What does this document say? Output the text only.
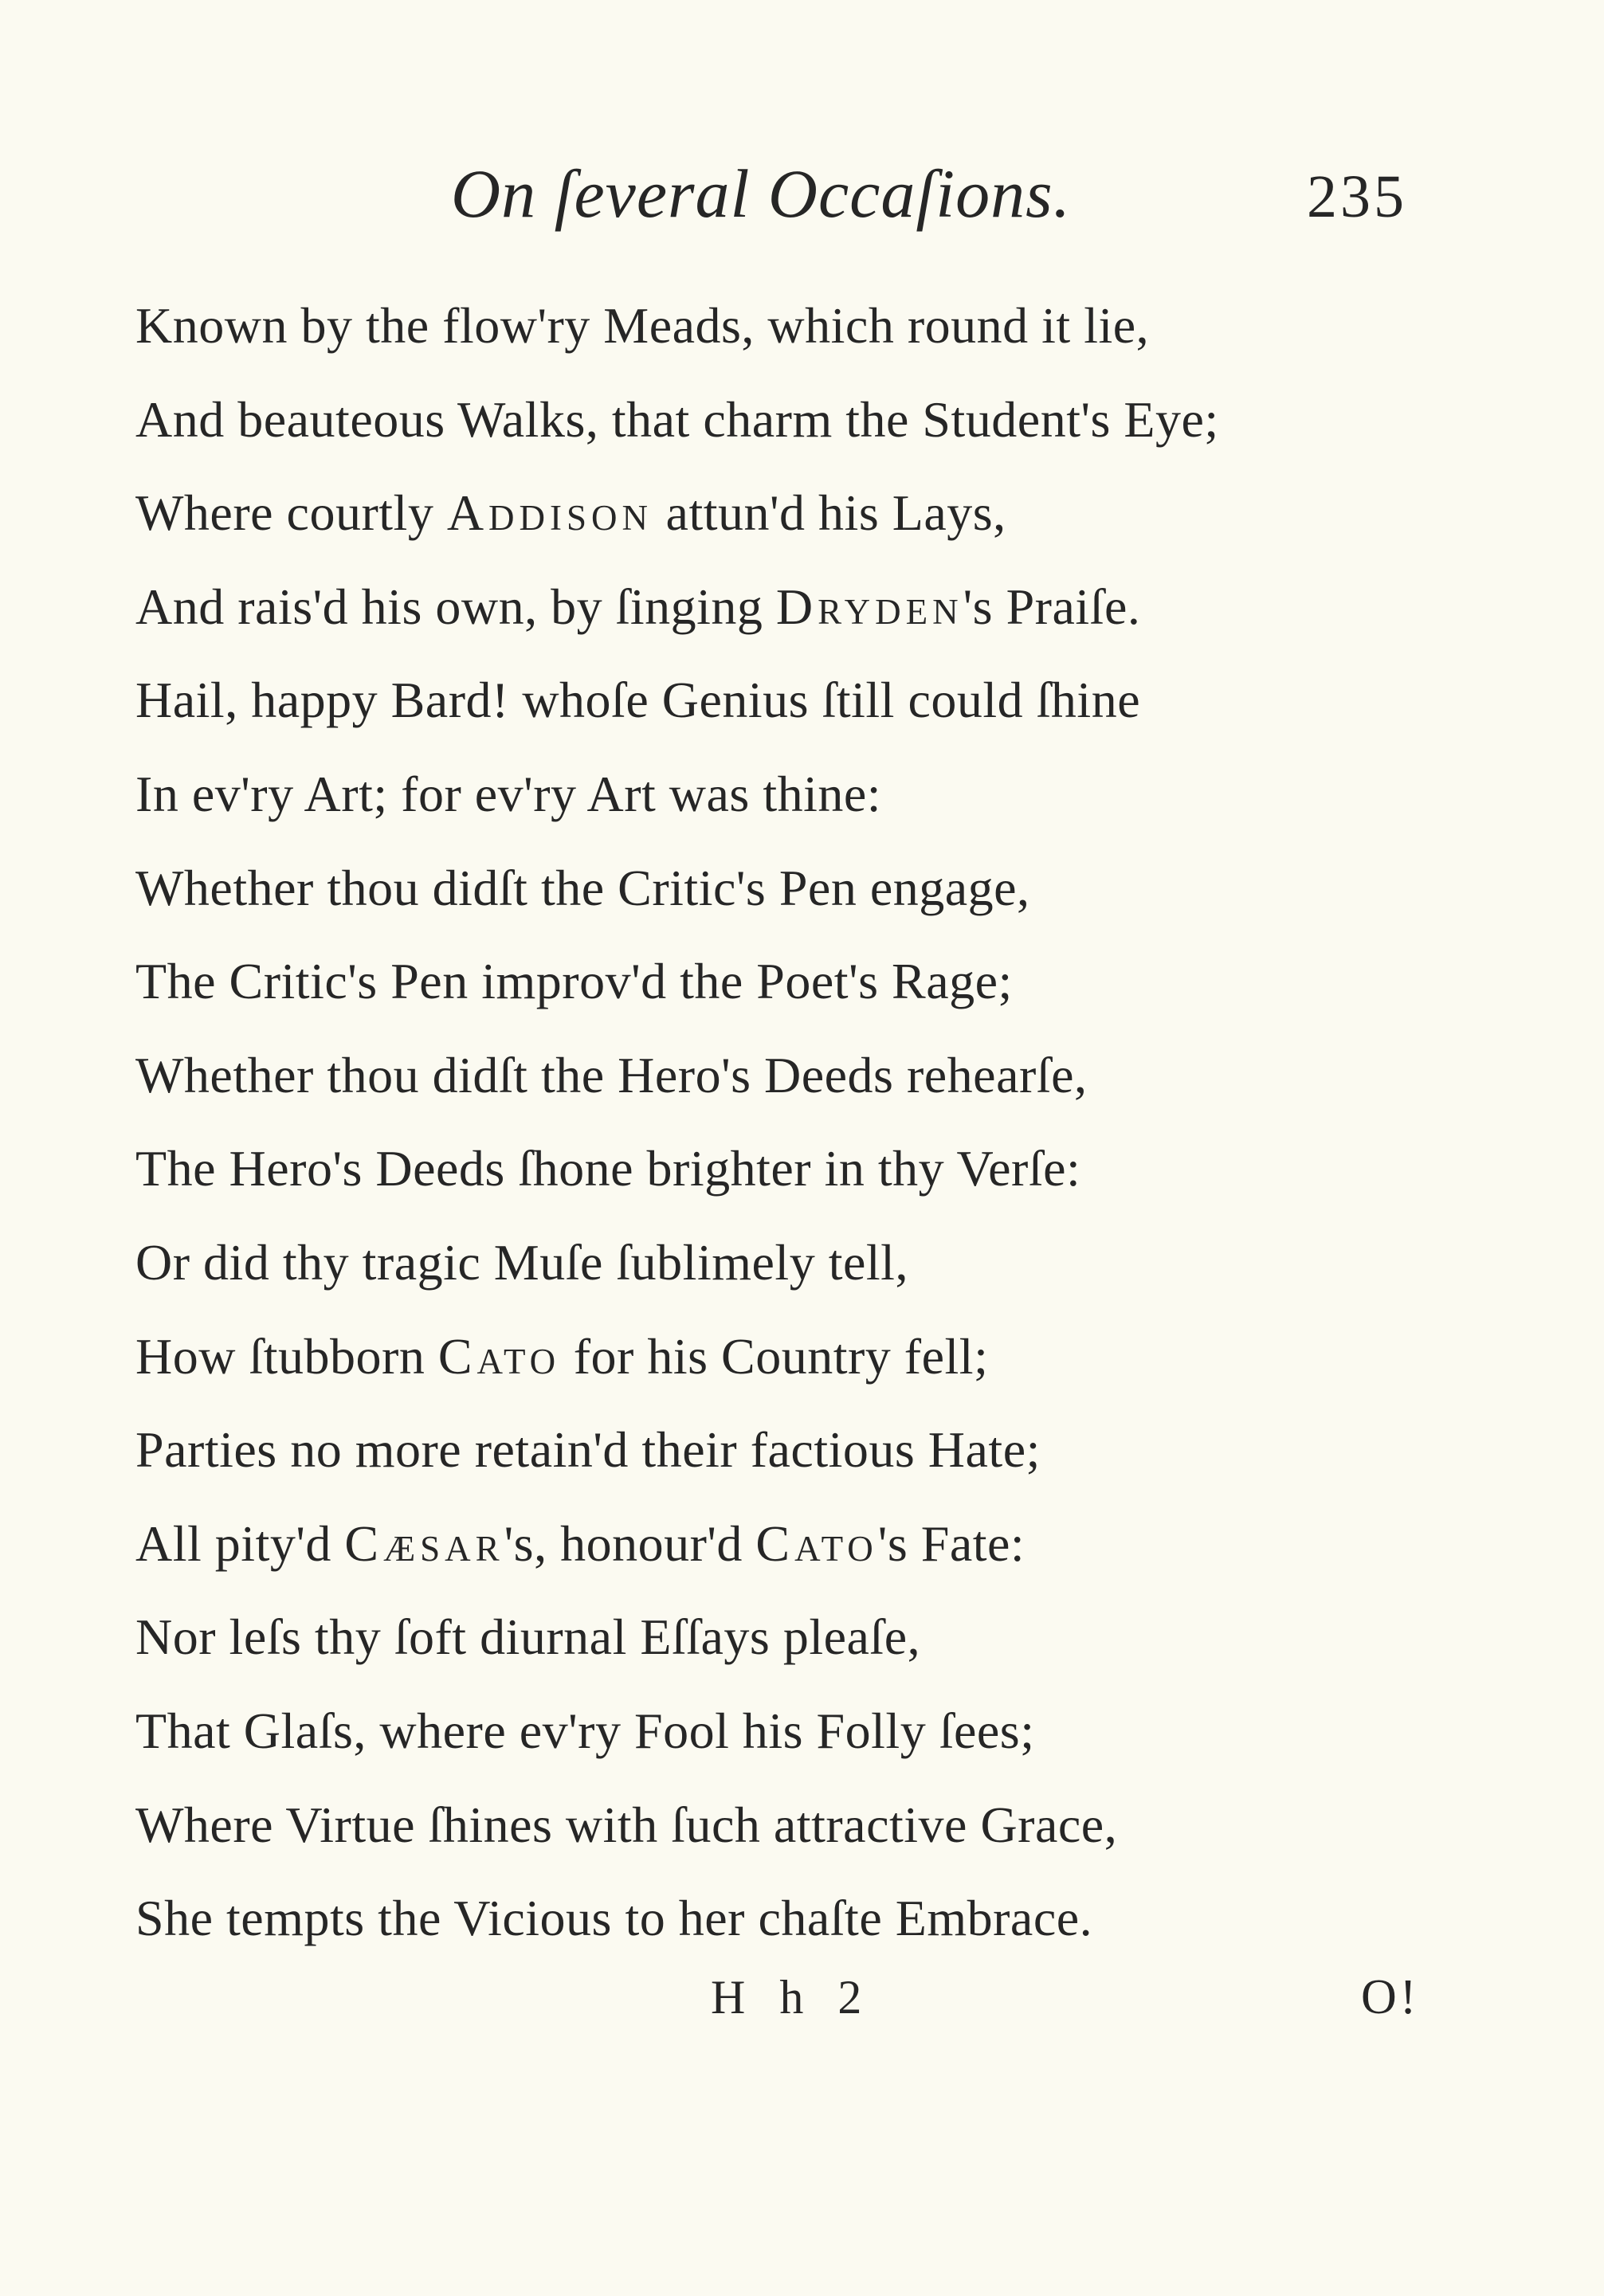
On ſeveral Occaſions.	235
Known by the flow'ry Meads, which round it lie,
And beauteous Walks, that charm the Student's Eye;
Where courtly Addison attun'd his Lays,
And rais'd his own, by ſinging Dryden's Praiſe.
Hail, happy Bard! whoſe Genius ſtill could ſhine
In ev'ry Art; for ev'ry Art was thine:
Whether thou didſt the Critic's Pen engage,
The Critic's Pen improv'd the Poet's Rage;
Whether thou didſt the Hero's Deeds rehearſe,
The Hero's Deeds ſhone brighter in thy Verſe:
Or did thy tragic Muſe ſublimely tell,
How ſtubborn Cato for his Country fell;
Parties no more retain'd their factious Hate;
All pity'd Cæsar's, honour'd Cato's Fate:
Nor leſs thy ſoft diurnal Eſſays pleaſe,
That Glaſs, where ev'ry Fool his Folly ſees;
Where Virtue ſhines with ſuch attractive Grace,
She tempts the Vicious to her chaſte Embrace.
H h 2	O!
